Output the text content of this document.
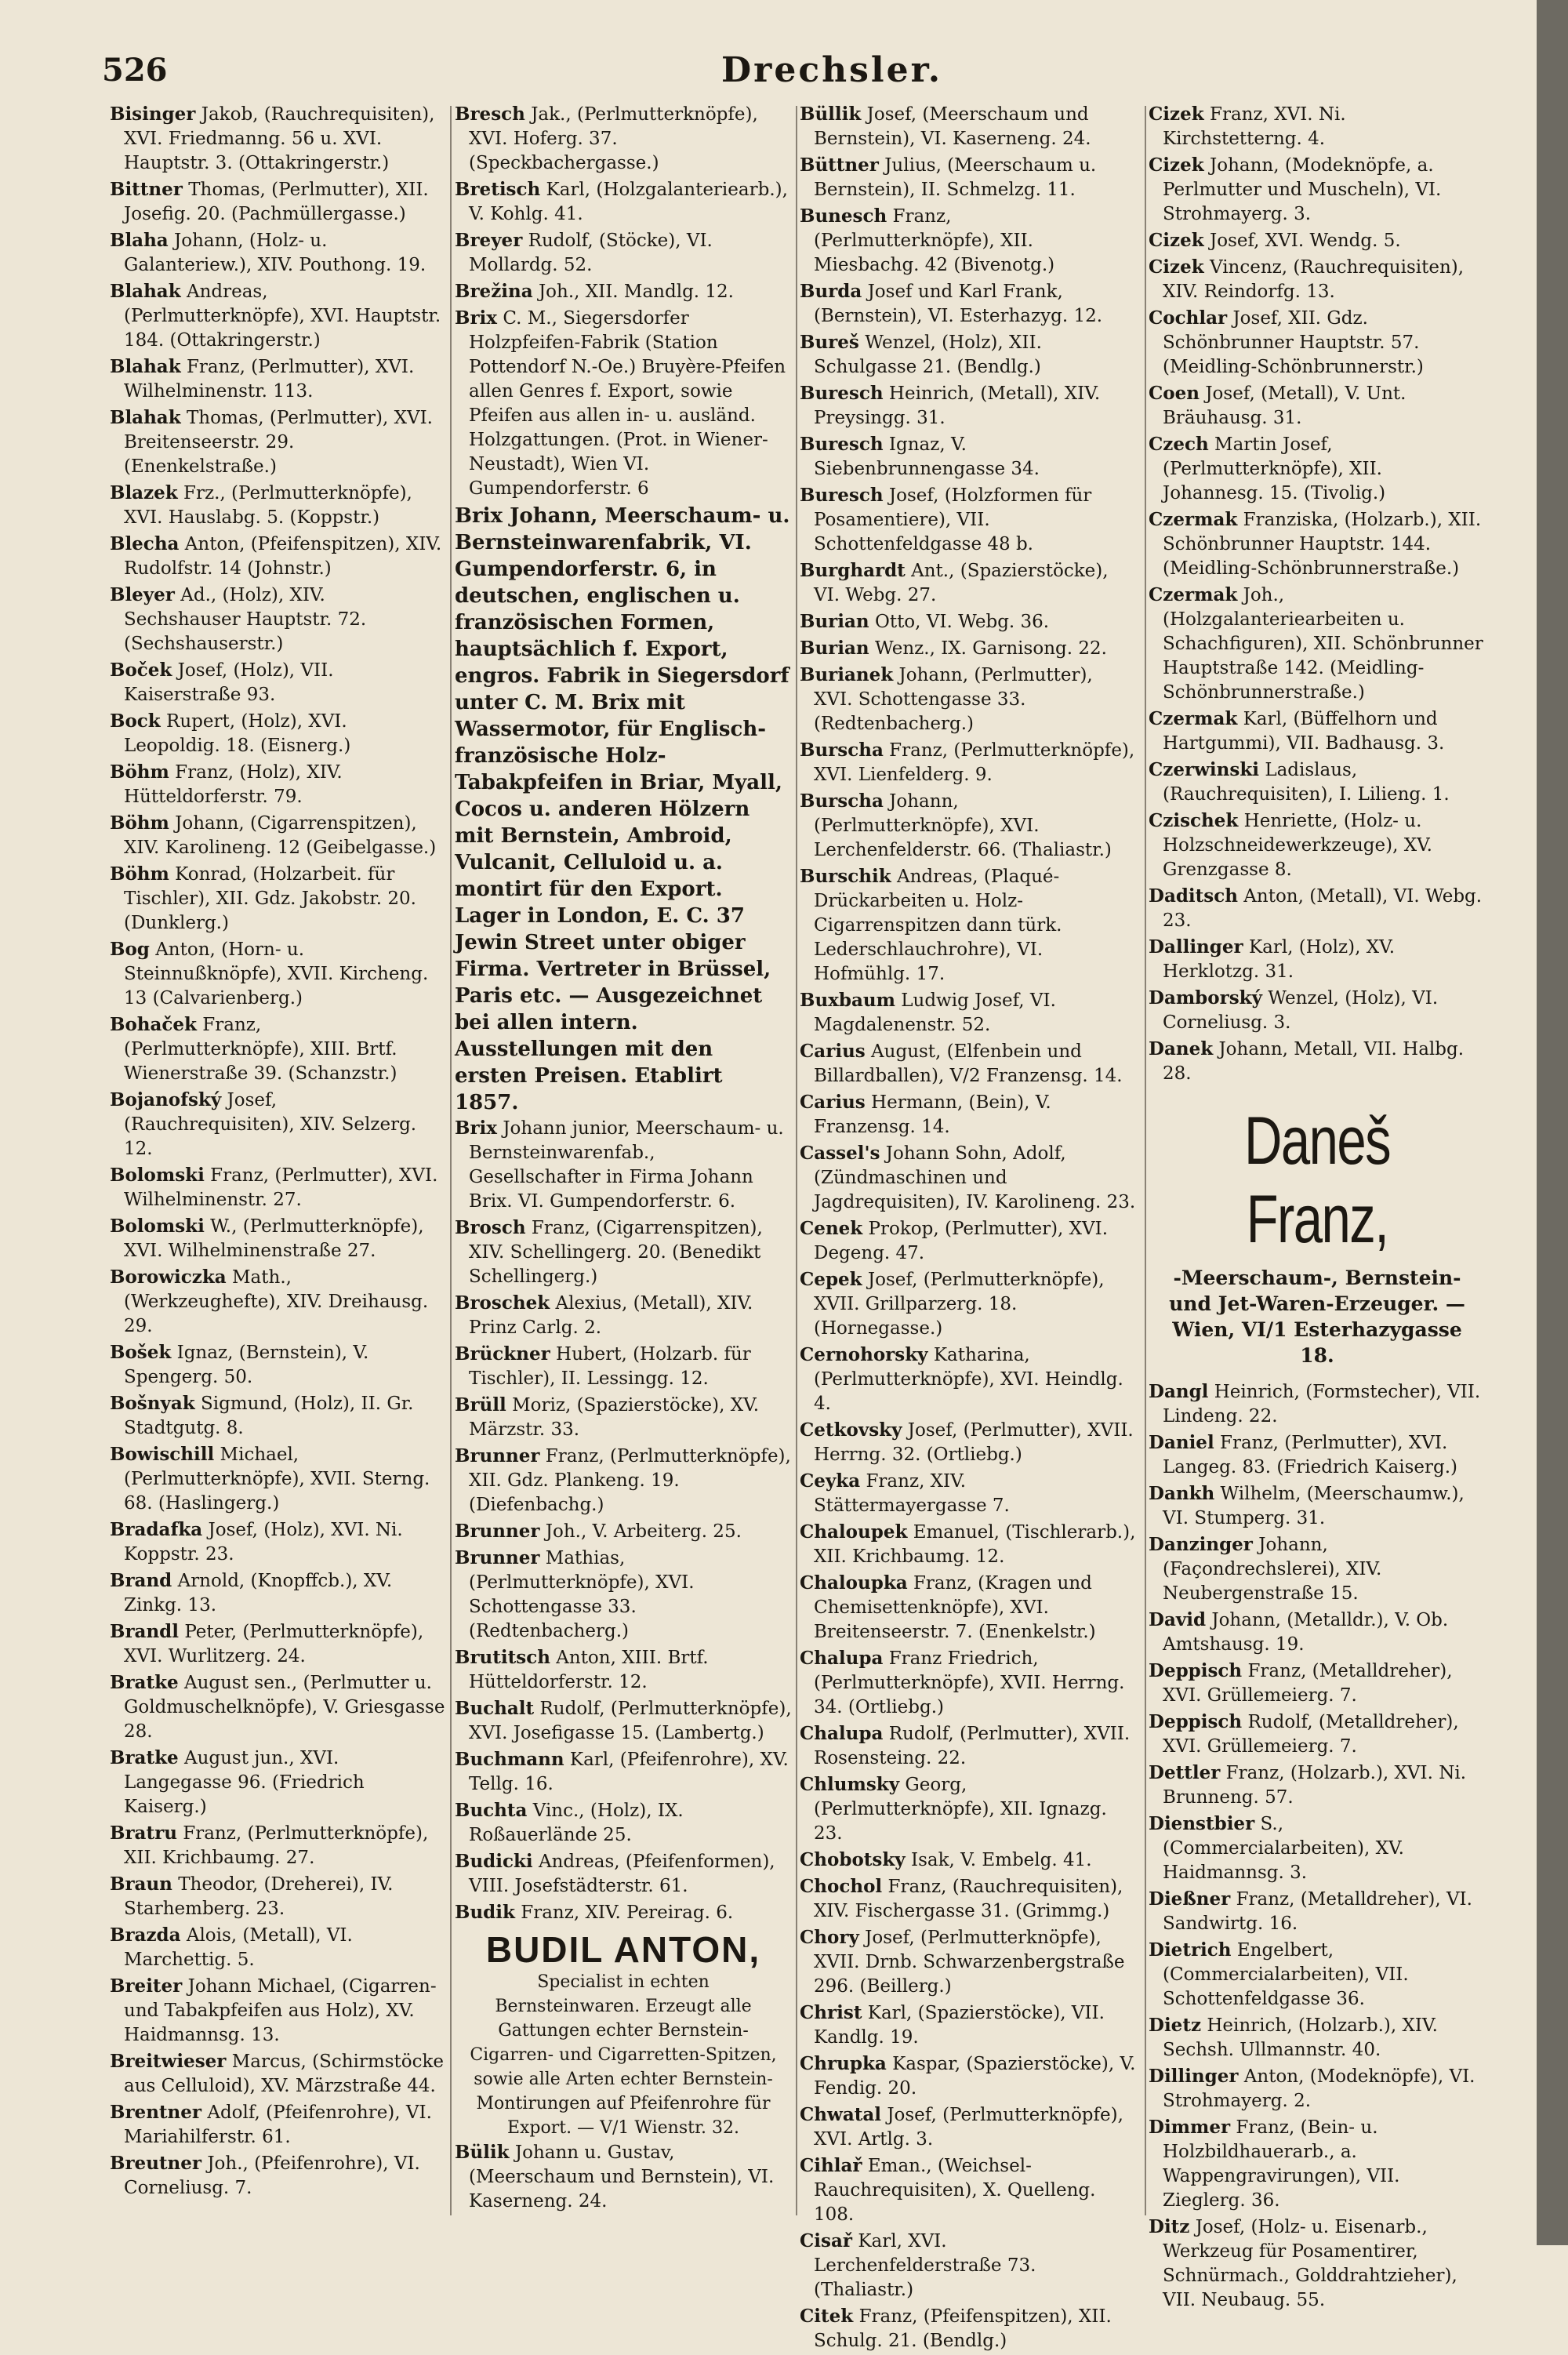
526	Drechsler.
Bisinger Jakob, (Rauchrequisiten), XVI. Friedmanng. 56 u. XVI. Hauptstr. 3. (Ottakringerstr.)
Bittner Thomas, (Perlmutter), XII. Josefig. 20. (Pachmüllergasse.)
Blaha Johann, (Holz- u. Galanteriew.), XIV. Pouthong. 19.
Blahak Andreas, (Perlmutterknöpfe), XVI. Hauptstr. 184. (Ottakringerstr.)
Blahak Franz, (Perlmutter), XVI. Wilhelminenstr. 113.
Blahak Thomas, (Perlmutter), XVI. Breitenseerstr. 29. (Enenkelstraße.)
Blazek Frz., (Perlmutterknöpfe), XVI. Hauslabg. 5. (Koppstr.)
Blecha Anton, (Pfeifenspitzen), XIV. Rudolfstr. 14 (Johnstr.)
Bleyer Ad., (Holz), XIV. Sechshauser Hauptstr. 72. (Sechshauserstr.)
Boček Josef, (Holz), VII. Kaiserstraße 93.
Bock Rupert, (Holz), XVI. Leopoldig. 18. (Eisnerg.)
Böhm Franz, (Holz), XIV. Hütteldorferstr. 79.
Böhm Johann, (Cigarrenspitzen), XIV. Karolineng. 12 (Geibelgasse.)
Böhm Konrad, (Holzarbeit. für Tischler), XII. Gdz. Jakobstr. 20. (Dunklerg.)
Bog Anton, (Horn- u. Steinnußknöpfe), XVII. Kircheng. 13 (Calvarienberg.)
Bohaček Franz, (Perlmutterknöpfe), XIII. Brtf. Wienerstraße 39. (Schanzstr.)
Bojanofský Josef, (Rauchrequisiten), XIV. Selzerg. 12.
Bolomski Franz, (Perlmutter), XVI. Wilhelminenstr. 27.
Bolomski W., (Perlmutterknöpfe), XVI. Wilhelminenstraße 27.
Borowiczka Math., (Werkzeughefte), XIV. Dreihausg. 29.
Bošek Ignaz, (Bernstein), V. Spengerg. 50.
Bošnyak Sigmund, (Holz), II. Gr. Stadtgutg. 8.
Bowischill Michael, (Perlmutterknöpfe), XVII. Sterng. 68. (Haslingerg.)
Bradafka Josef, (Holz), XVI. Ni. Koppstr. 23.
Brand Arnold, (Knopffcb.), XV. Zinkg. 13.
Brandl Peter, (Perlmutterknöpfe), XVI. Wurlitzerg. 24.
Bratke August sen., (Perlmutter u. Goldmuschelknöpfe), V. Griesgasse 28.
Bratke August jun., XVI. Langegasse 96. (Friedrich Kaiserg.)
Bratru Franz, (Perlmutterknöpfe), XII. Krichbaumg. 27.
Braun Theodor, (Dreherei), IV. Starhemberg. 23.
Brazda Alois, (Metall), VI. Marchettig. 5.
Breiter Johann Michael, (Cigarren- und Tabakpfeifen aus Holz), XV. Haidmannsg. 13.
Breitwieser Marcus, (Schirmstöcke aus Celluloid), XV. Märzstraße 44.
Brentner Adolf, (Pfeifenrohre), VI. Mariahilferstr. 61.
Breutner Joh., (Pfeifenrohre), VI. Corneliusg. 7.
Bresch Jak., (Perlmutterknöpfe), XVI. Hoferg. 37. (Speckbachergasse.)
Bretisch Karl, (Holzgalanteriearb.), V. Kohlg. 41.
Breyer Rudolf, (Stöcke), VI. Mollardg. 52.
Brežina Joh., XII. Mandlg. 12.
Brix C. M., Siegersdorfer Holzpfeifen-Fabrik (Station Pottendorf N.-Oe.) Bruyère-Pfeifen allen Genres f. Export, sowie Pfeifen aus allen in- u. ausländ. Holzgattungen. (Prot. in Wiener-Neustadt), Wien VI. Gumpendorferstr. 6
Brix Johann, Meerschaum- u. Bernsteinwarenfabrik, VI. Gumpendorferstr. 6, in deutschen, englischen u. französischen Formen, hauptsächlich f. Export, engros. Fabrik in Siegersdorf unter C. M. Brix mit Wassermotor, für Englisch-französische Holz-Tabakpfeifen in Briar, Myall, Cocos u. anderen Hölzern mit Bernstein, Ambroid, Vulcanit, Celluloid u. a. montirt für den Export. Lager in London, E. C. 37 Jewin Street unter obiger Firma. Vertreter in Brüssel, Paris etc. — Ausgezeichnet bei allen intern. Ausstellungen mit den ersten Preisen. Etablirt 1857.
Brix Johann junior, Meerschaum- u. Bernsteinwarenfab., Gesellschafter in Firma Johann Brix. VI. Gumpendorferstr. 6.
Brosch Franz, (Cigarrenspitzen), XIV. Schellingerg. 20. (Benedikt Schellingerg.)
Broschek Alexius, (Metall), XIV. Prinz Carlg. 2.
Brückner Hubert, (Holzarb. für Tischler), II. Lessingg. 12.
Brüll Moriz, (Spazierstöcke), XV. Märzstr. 33.
Brunner Franz, (Perlmutterknöpfe), XII. Gdz. Plankeng. 19. (Diefenbachg.)
Brunner Joh., V. Arbeiterg. 25.
Brunner Mathias, (Perlmutterknöpfe), XVI. Schottengasse 33. (Redtenbacherg.)
Brutitsch Anton, XIII. Brtf. Hütteldorferstr. 12.
Buchalt Rudolf, (Perlmutterknöpfe), XVI. Josefigasse 15. (Lambertg.)
Buchmann Karl, (Pfeifenrohre), XV. Tellg. 16.
Buchta Vinc., (Holz), IX. Roßauerlände 25.
Budicki Andreas, (Pfeifenformen), VIII. Josefstädterstr. 61.
Budik Franz, XIV. Pereirag. 6.
BUDIL ANTON,
Specialist in echten Bernsteinwaren. Erzeugt alle Gattungen echter Bernstein-Cigarren- und Cigarretten-Spitzen, sowie alle Arten echter Bernstein-Montirungen auf Pfeifenrohre für Export. — V/1 Wienstr. 32.
Bülik Johann u. Gustav, (Meerschaum und Bernstein), VI. Kaserneng. 24.
Büllik Josef, (Meerschaum und Bernstein), VI. Kaserneng. 24.
Büttner Julius, (Meerschaum u. Bernstein), II. Schmelzg. 11.
Bunesch Franz, (Perlmutterknöpfe), XII. Miesbachg. 42 (Bivenotg.)
Burda Josef und Karl Frank, (Bernstein), VI. Esterhazyg. 12.
Bureš Wenzel, (Holz), XII. Schulgasse 21. (Bendlg.)
Buresch Heinrich, (Metall), XIV. Preysingg. 31.
Buresch Ignaz, V. Siebenbrunnengasse 34.
Buresch Josef, (Holzformen für Posamentiere), VII. Schottenfeldgasse 48 b.
Burghardt Ant., (Spazierstöcke), VI. Webg. 27.
Burian Otto, VI. Webg. 36.
Burian Wenz., IX. Garnisong. 22.
Burianek Johann, (Perlmutter), XVI. Schottengasse 33. (Redtenbacherg.)
Burscha Franz, (Perlmutterknöpfe), XVI. Lienfelderg. 9.
Burscha Johann, (Perlmutterknöpfe), XVI. Lerchenfelderstr. 66. (Thaliastr.)
Burschik Andreas, (Plaqué-Drückarbeiten u. Holz-Cigarrenspitzen dann türk. Lederschlauchrohre), VI. Hofmühlg. 17.
Buxbaum Ludwig Josef, VI. Magdalenenstr. 52.
Carius August, (Elfenbein und Billardballen), V/2 Franzensg. 14.
Carius Hermann, (Bein), V. Franzensg. 14.
Cassel's Johann Sohn, Adolf, (Zündmaschinen und Jagdrequisiten), IV. Karolineng. 23.
Cenek Prokop, (Perlmutter), XVI. Degeng. 47.
Cepek Josef, (Perlmutterknöpfe), XVII. Grillparzerg. 18. (Hornegasse.)
Cernohorsky Katharina, (Perlmutterknöpfe), XVI. Heindlg. 4.
Cetkovsky Josef, (Perlmutter), XVII. Herrng. 32. (Ortliebg.)
Ceyka Franz, XIV. Stättermayergasse 7.
Chaloupek Emanuel, (Tischlerarb.), XII. Krichbaumg. 12.
Chaloupka Franz, (Kragen und Chemisettenknöpfe), XVI. Breitenseerstr. 7. (Enenkelstr.)
Chalupa Franz Friedrich, (Perlmutterknöpfe), XVII. Herrng. 34. (Ortliebg.)
Chalupa Rudolf, (Perlmutter), XVII. Rosensteing. 22.
Chlumsky Georg, (Perlmutterknöpfe), XII. Ignazg. 23.
Chobotsky Isak, V. Embelg. 41.
Chochol Franz, (Rauchrequisiten), XIV. Fischergasse 31. (Grimmg.)
Chory Josef, (Perlmutterknöpfe), XVII. Drnb. Schwarzenbergstraße 296. (Beillerg.)
Christ Karl, (Spazierstöcke), VII. Kandlg. 19.
Chrupka Kaspar, (Spazierstöcke), V. Fendig. 20.
Chwatal Josef, (Perlmutterknöpfe), XVI. Artlg. 3.
Cihlař Eman., (Weichsel-Rauchrequisiten), X. Quelleng. 108.
Cisař Karl, XVI. Lerchenfelderstraße 73. (Thaliastr.)
Citek Franz, (Pfeifenspitzen), XII. Schulg. 21. (Bendlg.)
Cizek Franz, XVI. Ni. Kirchstetterng. 4.
Cizek Johann, (Modeknöpfe, a. Perlmutter und Muscheln), VI. Strohmayerg. 3.
Cizek Josef, XVI. Wendg. 5.
Cizek Vincenz, (Rauchrequisiten), XIV. Reindorfg. 13.
Cochlar Josef, XII. Gdz. Schönbrunner Hauptstr. 57. (Meidling-Schönbrunnerstr.)
Coen Josef, (Metall), V. Unt. Bräuhausg. 31.
Czech Martin Josef, (Perlmutterknöpfe), XII. Johannesg. 15. (Tivolig.)
Czermak Franziska, (Holzarb.), XII. Schönbrunner Hauptstr. 144. (Meidling-Schönbrunnerstraße.)
Czermak Joh., (Holzgalanteriearbeiten u. Schachfiguren), XII. Schönbrunner Hauptstraße 142. (Meidling-Schönbrunnerstraße.)
Czermak Karl, (Büffelhorn und Hartgummi), VII. Badhausg. 3.
Czerwinski Ladislaus, (Rauchrequisiten), I. Lilieng. 1.
Czischek Henriette, (Holz- u. Holzschneidewerkzeuge), XV. Grenzgasse 8.
Daditsch Anton, (Metall), VI. Webg. 23.
Dallinger Karl, (Holz), XV. Herklotzg. 31.
Damborský Wenzel, (Holz), VI. Corneliusg. 3.
Danek Johann, Metall, VII. Halbg. 28.
Daneš Franz,
-Meerschaum-, Bernstein- und Jet-Waren-Erzeuger. — Wien, VI/1 Esterhazygasse 18.
Dangl Heinrich, (Formstecher), VII. Lindeng. 22.
Daniel Franz, (Perlmutter), XVI. Langeg. 83. (Friedrich Kaiserg.)
Dankh Wilhelm, (Meerschaumw.), VI. Stumperg. 31.
Danzinger Johann, (Façondrechslerei), XIV. Neubergenstraße 15.
David Johann, (Metalldr.), V. Ob. Amtshausg. 19.
Deppisch Franz, (Metalldreher), XVI. Grüllemeierg. 7.
Deppisch Rudolf, (Metalldreher), XVI. Grüllemeierg. 7.
Dettler Franz, (Holzarb.), XVI. Ni. Brunneng. 57.
Dienstbier S., (Commercialarbeiten), XV. Haidmannsg. 3.
Dießner Franz, (Metalldreher), VI. Sandwirtg. 16.
Dietrich Engelbert, (Commercialarbeiten), VII. Schottenfeldgasse 36.
Dietz Heinrich, (Holzarb.), XIV. Sechsh. Ullmannstr. 40.
Dillinger Anton, (Modeknöpfe), VI. Strohmayerg. 2.
Dimmer Franz, (Bein- u. Holzbildhauerarb., a. Wappengravirungen), VII. Zieglerg. 36.
Ditz Josef, (Holz- u. Eisenarb., Werkzeug für Posamentirer, Schnürmach., Golddrahtzieher), VII. Neubaug. 55.
